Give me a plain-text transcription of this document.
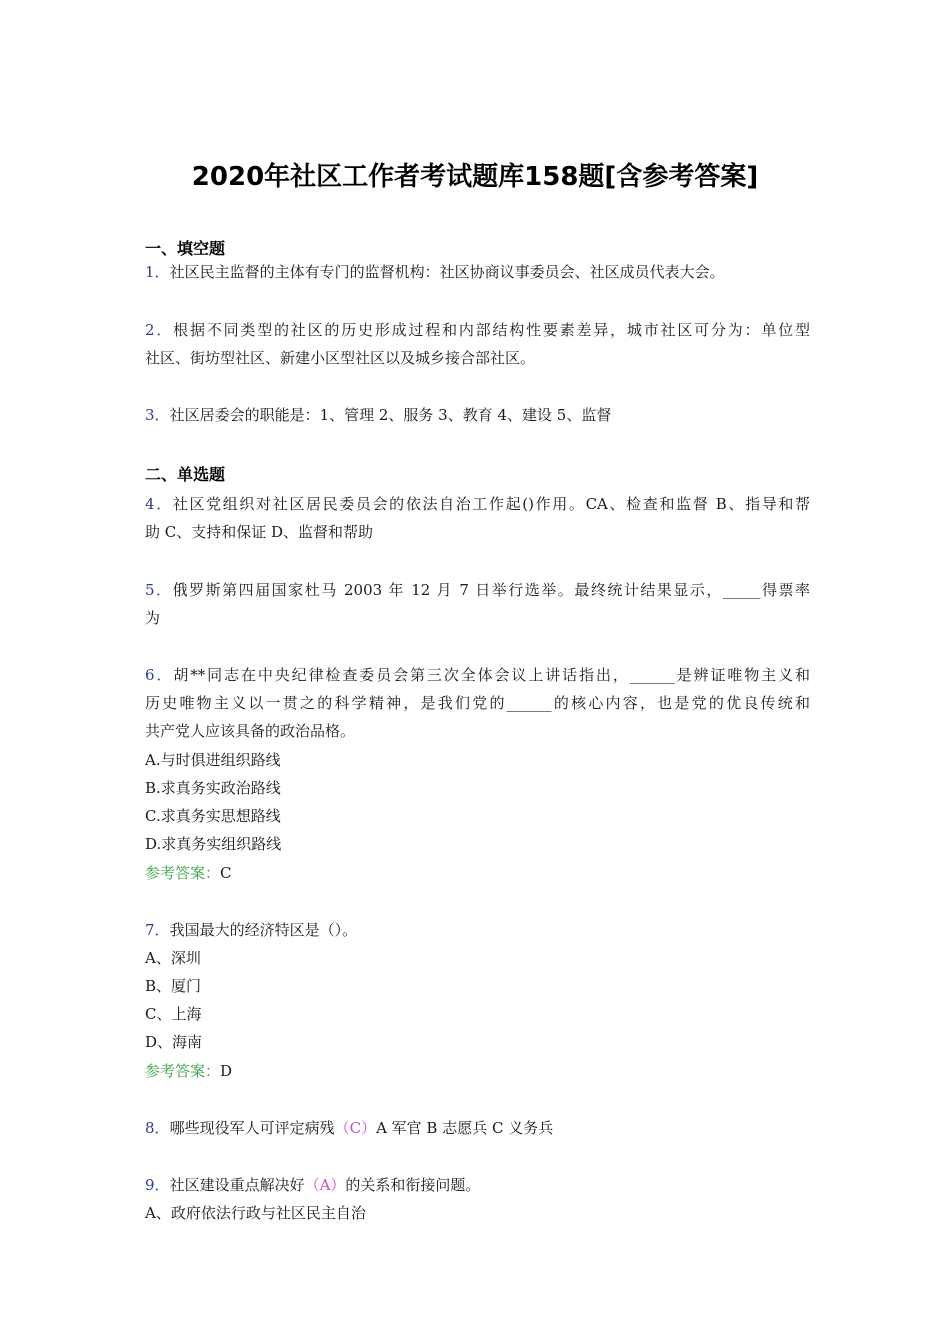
2020年社区工作者考试题库158题[含参考答案]
一、填空题
1．社区民主监督的主体有专门的监督机构：社区协商议事委员会、社区成员代表大会。
2．根据不同类型的社区的历史形成过程和内部结构性要素差异，城市社区可分为：单位型
社区、街坊型社区、新建小区型社区以及城乡接合部社区。
3．社区居委会的职能是：1、管理 2、服务 3、教育 4、建设 5、监督
二、单选题
4．社区党组织对社区居民委员会的依法自治工作起()作用。CA、检查和监督 B、指导和帮
助 C、支持和保证 D、监督和帮助
5．俄罗斯第四届国家杜马 2003 年 12 月 7 日举行选举。最终统计结果显示，_____得票率
为
6．胡**同志在中央纪律检查委员会第三次全体会议上讲话指出，______是辨证唯物主义和
历史唯物主义以一贯之的科学精神，是我们党的______的核心内容，也是党的优良传统和
共产党人应该具备的政治品格。
A.与时俱进组织路线
B.求真务实政治路线
C.求真务实思想路线
D.求真务实组织路线
参考答案：C
7．我国最大的经济特区是（）。
A、深圳
B、厦门
C、上海
D、海南
参考答案：D
8．哪些现役军人可评定病残（C）A 军官 B 志愿兵 C 义务兵
9．社区建设重点解决好（A）的关系和衔接问题。
A、政府依法行政与社区民主自治
